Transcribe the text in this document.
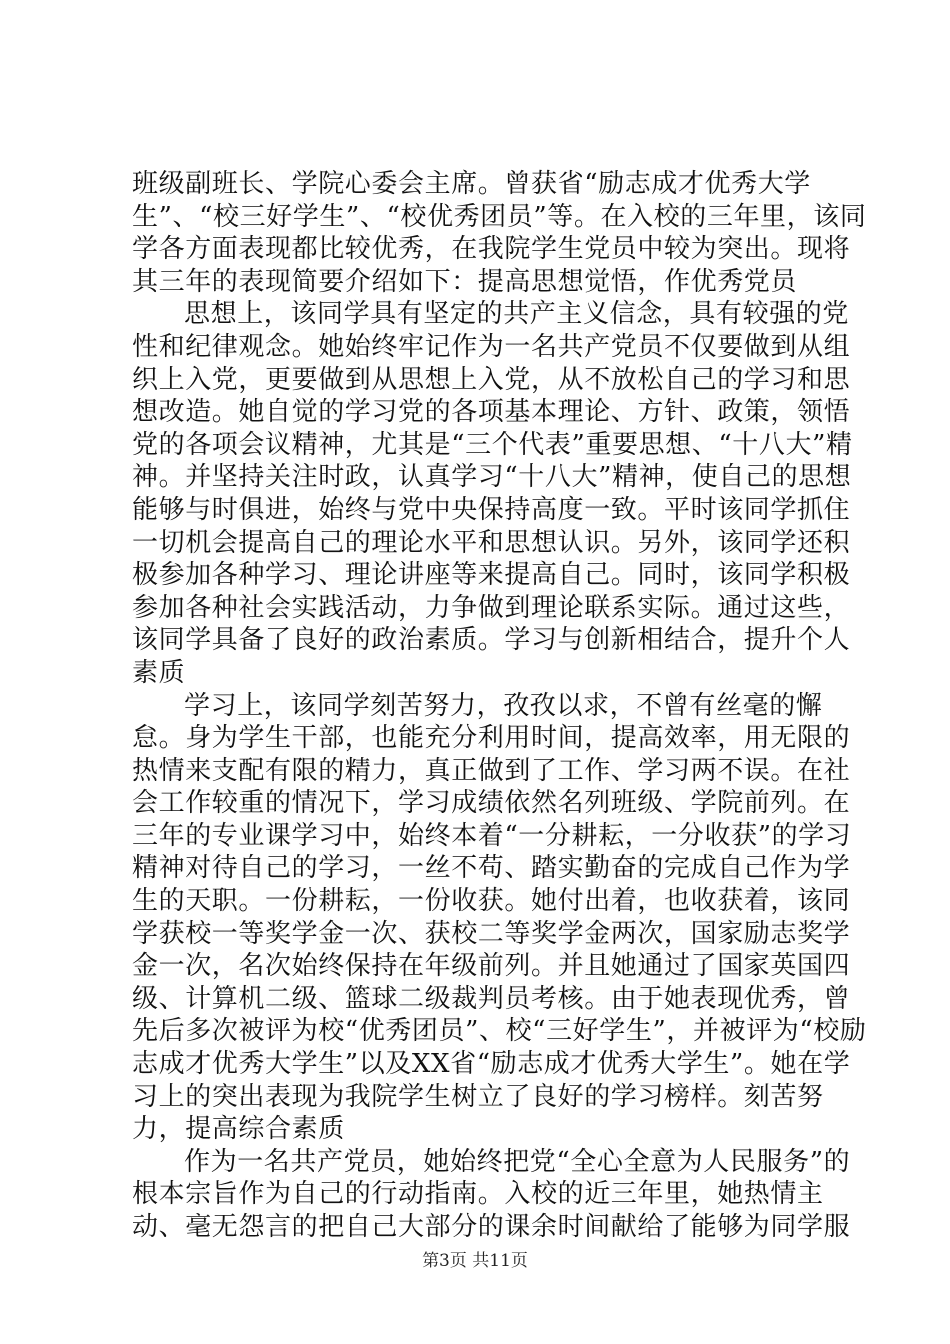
班级副班长、学院心委会主席。曾获省“励志成才优秀大学生”、“校三好学生”、“校优秀团员”等。在入校的三年里，该同学各方面表现都比较优秀，在我院学生党员中较为突出。现将其三年的表现简要介绍如下：提高思想觉悟，作优秀党员

思想上，该同学具有坚定的共产主义信念，具有较强的党性和纪律观念。她始终牢记作为一名共产党员不仅要做到从组织上入党，更要做到从思想上入党，从不放松自己的学习和思想改造。她自觉的学习党的各项基本理论、方针、政策，领悟党的各项会议精神，尤其是“三个代表”重要思想、“十八大”精神。并坚持关注时政，认真学习“十八大”精神，使自己的思想能够与时俱进，始终与党中央保持高度一致。平时该同学抓住一切机会提高自己的理论水平和思想认识。另外，该同学还积极参加各种学习、理论讲座等来提高自己。同时，该同学积极参加各种社会实践活动，力争做到理论联系实际。通过这些，该同学具备了良好的政治素质。学习与创新相结合，提升个人素质

学习上，该同学刻苦努力，孜孜以求，不曾有丝毫的懈怠。身为学生干部，也能充分利用时间，提高效率，用无限的热情来支配有限的精力，真正做到了工作、学习两不误。在社会工作较重的情况下，学习成绩依然名列班级、学院前列。在三年的专业课学习中，始终本着“一分耕耘，一分收获”的学习精神对待自己的学习，一丝不苟、踏实勤奋的完成自己作为学生的天职。一份耕耘，一份收获。她付出着，也收获着，该同学获校一等奖学金一次、获校二等奖学金两次，国家励志奖学金一次，名次始终保持在年级前列。并且她通过了国家英国四级、计算机二级、篮球二级裁判员考核。由于她表现优秀，曾先后多次被评为校“优秀团员”、校“三好学生”，并被评为“校励志成才优秀大学生”以及XX省“励志成才优秀大学生”。她在学习上的突出表现为我院学生树立了良好的学习榜样。刻苦努力，提高综合素质

作为一名共产党员，她始终把党“全心全意为人民服务”的根本宗旨作为自己的行动指南。入校的近三年里，她热情主动、毫无怨言的把自己大部分的课余时间献给了能够为同学服

第3页 共11页
